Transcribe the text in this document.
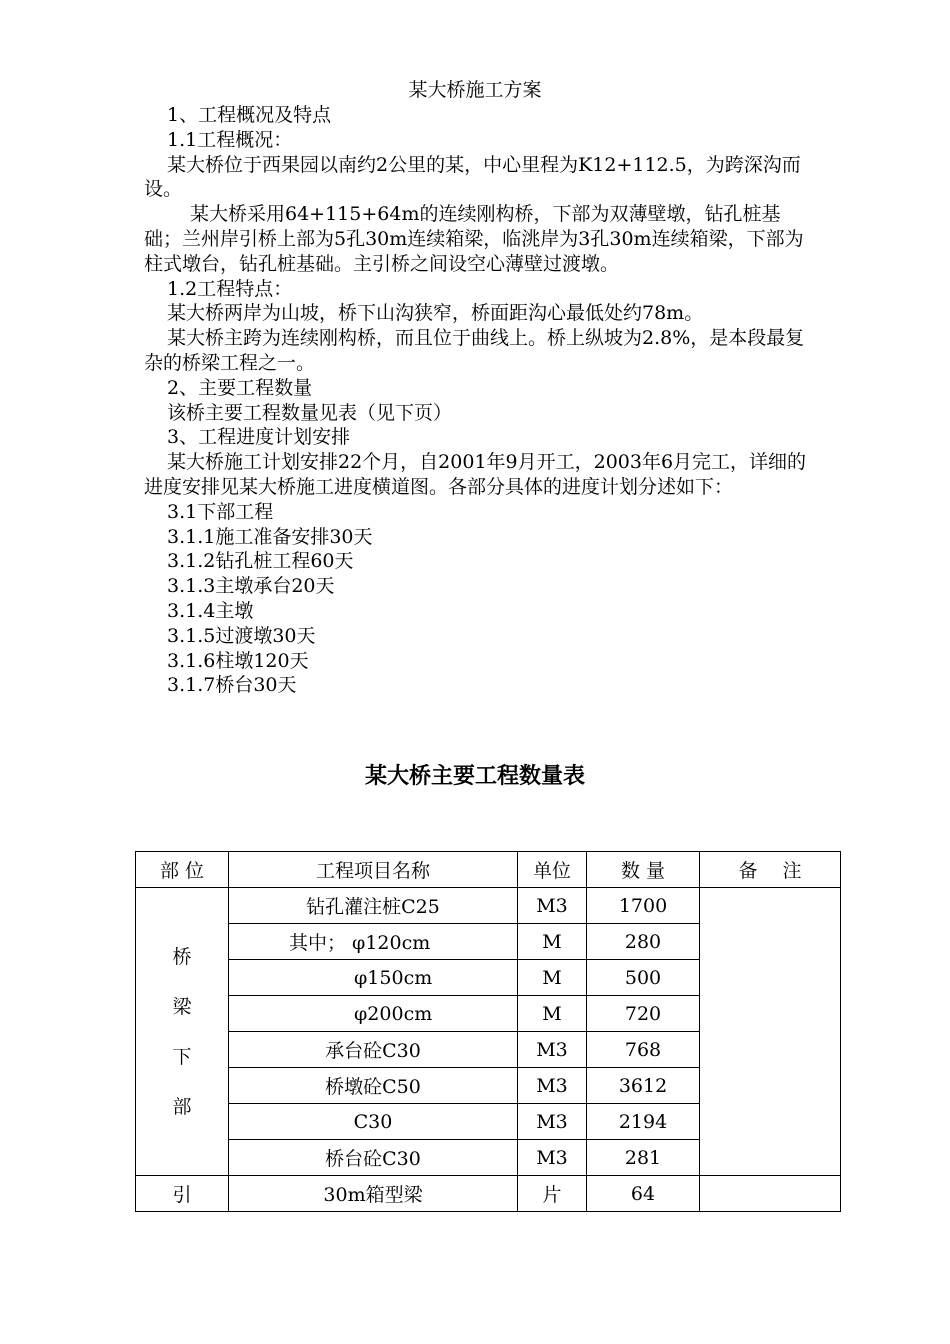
某大桥施工方案

1、工程概况及特点

1.1工程概况：

某大桥位于西果园以南约2公里的某，中心里程为K12+112.5，为跨深沟而设。

某大桥采用64+115+64m的连续刚构桥，下部为双薄壁墩，钻孔桩基础；兰州岸引桥上部为5孔30m连续箱梁，临洮岸为3孔30m连续箱梁，下部为柱式墩台，钻孔桩基础。主引桥之间设空心薄壁过渡墩。

1.2工程特点：

某大桥两岸为山坡，桥下山沟狭窄，桥面距沟心最低处约78m。

某大桥主跨为连续刚构桥，而且位于曲线上。桥上纵坡为2.8%，是本段最复杂的桥梁工程之一。

2、主要工程数量

该桥主要工程数量见表（见下页）

3、工程进度计划安排

某大桥施工计划安排22个月，自2001年9月开工，2003年6月完工，详细的进度安排见某大桥施工进度横道图。各部分具体的进度计划分述如下：

3.1下部工程

3.1.1施工准备安排30天

3.1.2钻孔桩工程60天

3.1.3主墩承台20天

3.1.4主墩

3.1.5过渡墩30天

3.1.6柱墩120天

3.1.7桥台30天

某大桥主要工程数量表
部 位	工程项目名称	单位	数 量	备　 注

桥
梁
下
部	钻孔灌注桩C25	M3	1700	
	其中； φ120cm	M	280	
	φ150cm	M	500	
	φ200cm	M	720	
	承台砼C30	M3	768	
	桥墩砼C50	M3	3612	
	C30	M3	2194	
	桥台砼C30	M3	281	
引	30m箱型梁	片	64	
